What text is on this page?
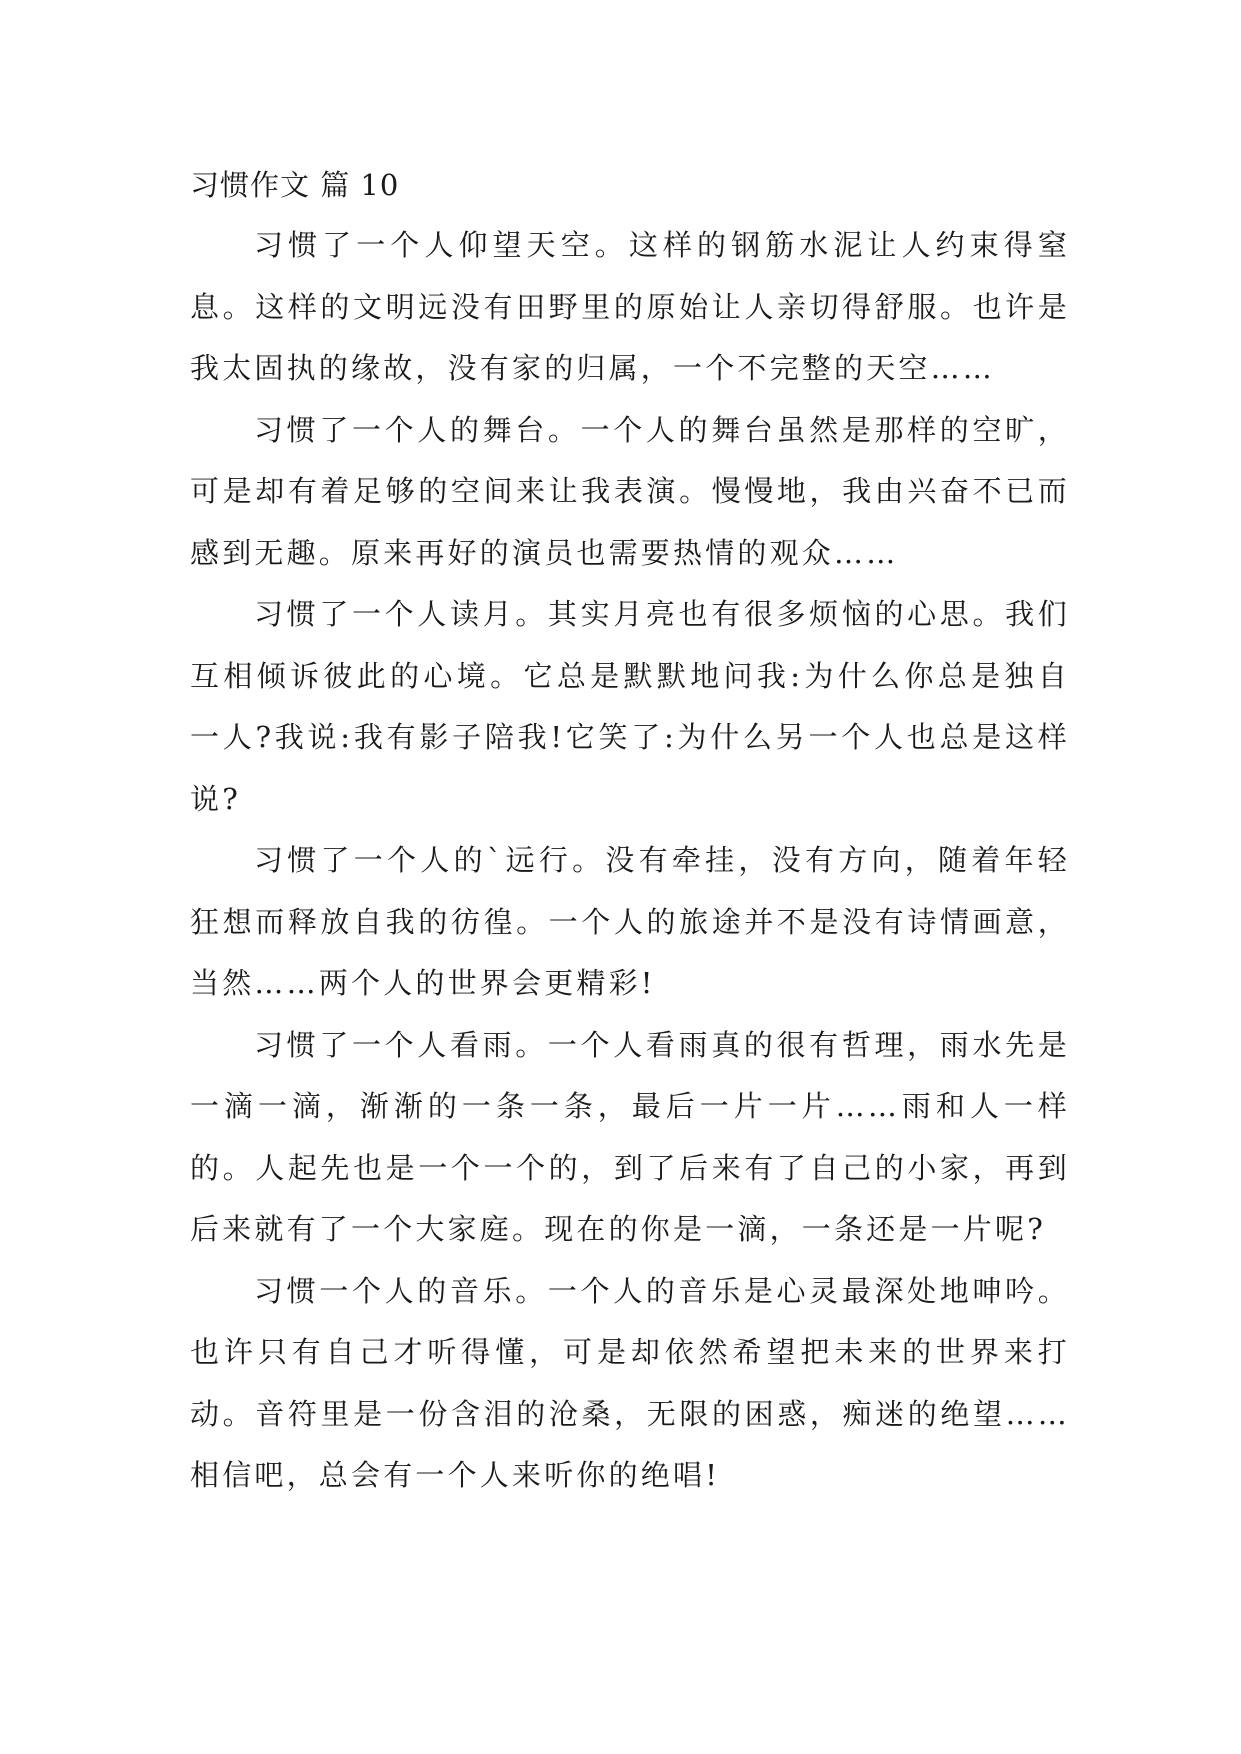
习惯作文 篇 10

习惯了一个人仰望天空。这样的钢筋水泥让人约束得窒息。这样的文明远没有田野里的原始让人亲切得舒服。也许是我太固执的缘故，没有家的归属，一个不完整的天空……

习惯了一个人的舞台。一个人的舞台虽然是那样的空旷，可是却有着足够的空间来让我表演。慢慢地，我由兴奋不已而感到无趣。原来再好的演员也需要热情的观众……

习惯了一个人读月。其实月亮也有很多烦恼的心思。我们互相倾诉彼此的心境。它总是默默地问我:为什么你总是独自一人?我说:我有影子陪我!它笑了:为什么另一个人也总是这样说?

习惯了一个人的`远行。没有牵挂，没有方向，随着年轻狂想而释放自我的彷徨。一个人的旅途并不是没有诗情画意，当然……两个人的世界会更精彩!

习惯了一个人看雨。一个人看雨真的很有哲理，雨水先是一滴一滴，渐渐的一条一条，最后一片一片……雨和人一样的。人起先也是一个一个的，到了后来有了自己的小家，再到后来就有了一个大家庭。现在的你是一滴，一条还是一片呢?

习惯一个人的音乐。一个人的音乐是心灵最深处地呻吟。也许只有自己才听得懂，可是却依然希望把未来的世界来打动。音符里是一份含泪的沧桑，无限的困惑，痴迷的绝望……相信吧，总会有一个人来听你的绝唱!
